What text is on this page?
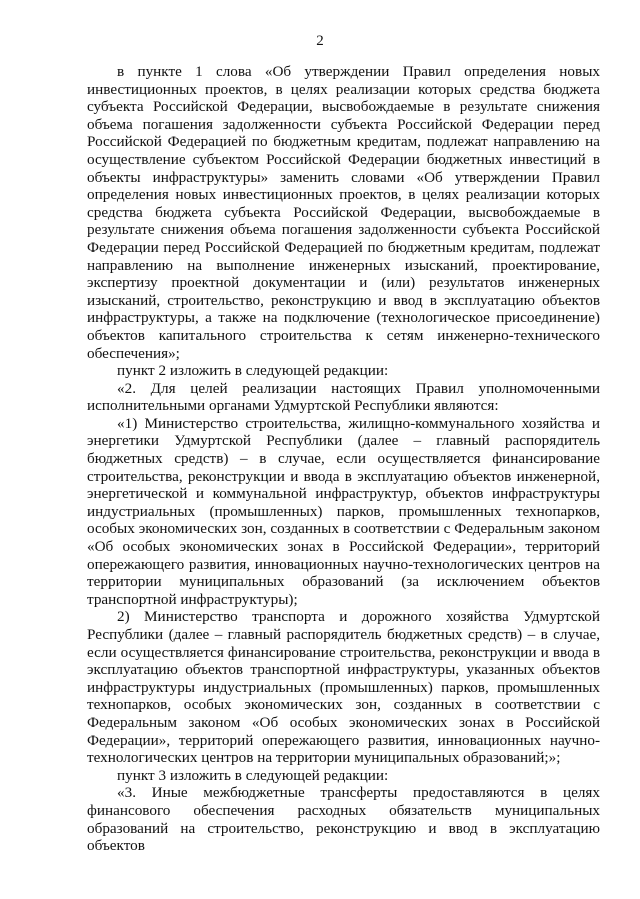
2

в пункте 1 слова «Об утверждении Правил определения новых инвестиционных проектов, в целях реализации которых средства бюджета субъекта Российской Федерации, высвобождаемые в результате снижения объема погашения задолженности субъекта Российской Федерации перед Российской Федерацией по бюджетным кредитам, подлежат направлению на осуществление субъектом Российской Федерации бюджетных инвестиций в объекты инфраструктуры» заменить словами «Об утверждении Правил определения новых инвестиционных проектов, в целях реализации которых средства бюджета субъекта Российской Федерации, высвобождаемые в результате снижения объема погашения задолженности субъекта Российской Федерации перед Российской Федерацией по бюджетным кредитам, подлежат направлению на выполнение инженерных изысканий, проектирование, экспертизу проектной документации и (или) результатов инженерных изысканий, строительство, реконструкцию и ввод в эксплуатацию объектов инфраструктуры, а также на подключение (технологическое присоединение) объектов капитального строительства к сетям инженерно-технического обеспечения»;

пункт 2 изложить в следующей редакции:

«2. Для целей реализации настоящих Правил уполномоченными исполнительными органами Удмуртской Республики являются:

«1) Министерство строительства, жилищно-коммунального хозяйства и энергетики Удмуртской Республики (далее – главный распорядитель бюджетных средств) – в случае, если осуществляется финансирование строительства, реконструкции и ввода в эксплуатацию объектов инженерной, энергетической и коммунальной инфраструктур, объектов инфраструктуры индустриальных (промышленных) парков, промышленных технопарков, особых экономических зон, созданных в соответствии с Федеральным законом «Об особых экономических зонах в Российской Федерации», территорий опережающего развития, инновационных научно-технологических центров на территории муниципальных образований (за исключением объектов транспортной инфраструктуры);

2) Министерство транспорта и дорожного хозяйства Удмуртской Республики (далее – главный распорядитель бюджетных средств) – в случае, если осуществляется финансирование строительства, реконструкции и ввода в эксплуатацию объектов транспортной инфраструктуры, указанных объектов инфраструктуры индустриальных (промышленных) парков, промышленных технопарков, особых экономических зон, созданных в соответствии с Федеральным законом «Об особых экономических зонах в Российской Федерации», территорий опережающего развития, инновационных научно-технологических центров на территории муниципальных образований;»;

пункт 3 изложить в следующей редакции:

«3. Иные межбюджетные трансферты предоставляются в целях финансового обеспечения расходных обязательств муниципальных образований на строительство, реконструкцию и ввод в эксплуатацию объектов
